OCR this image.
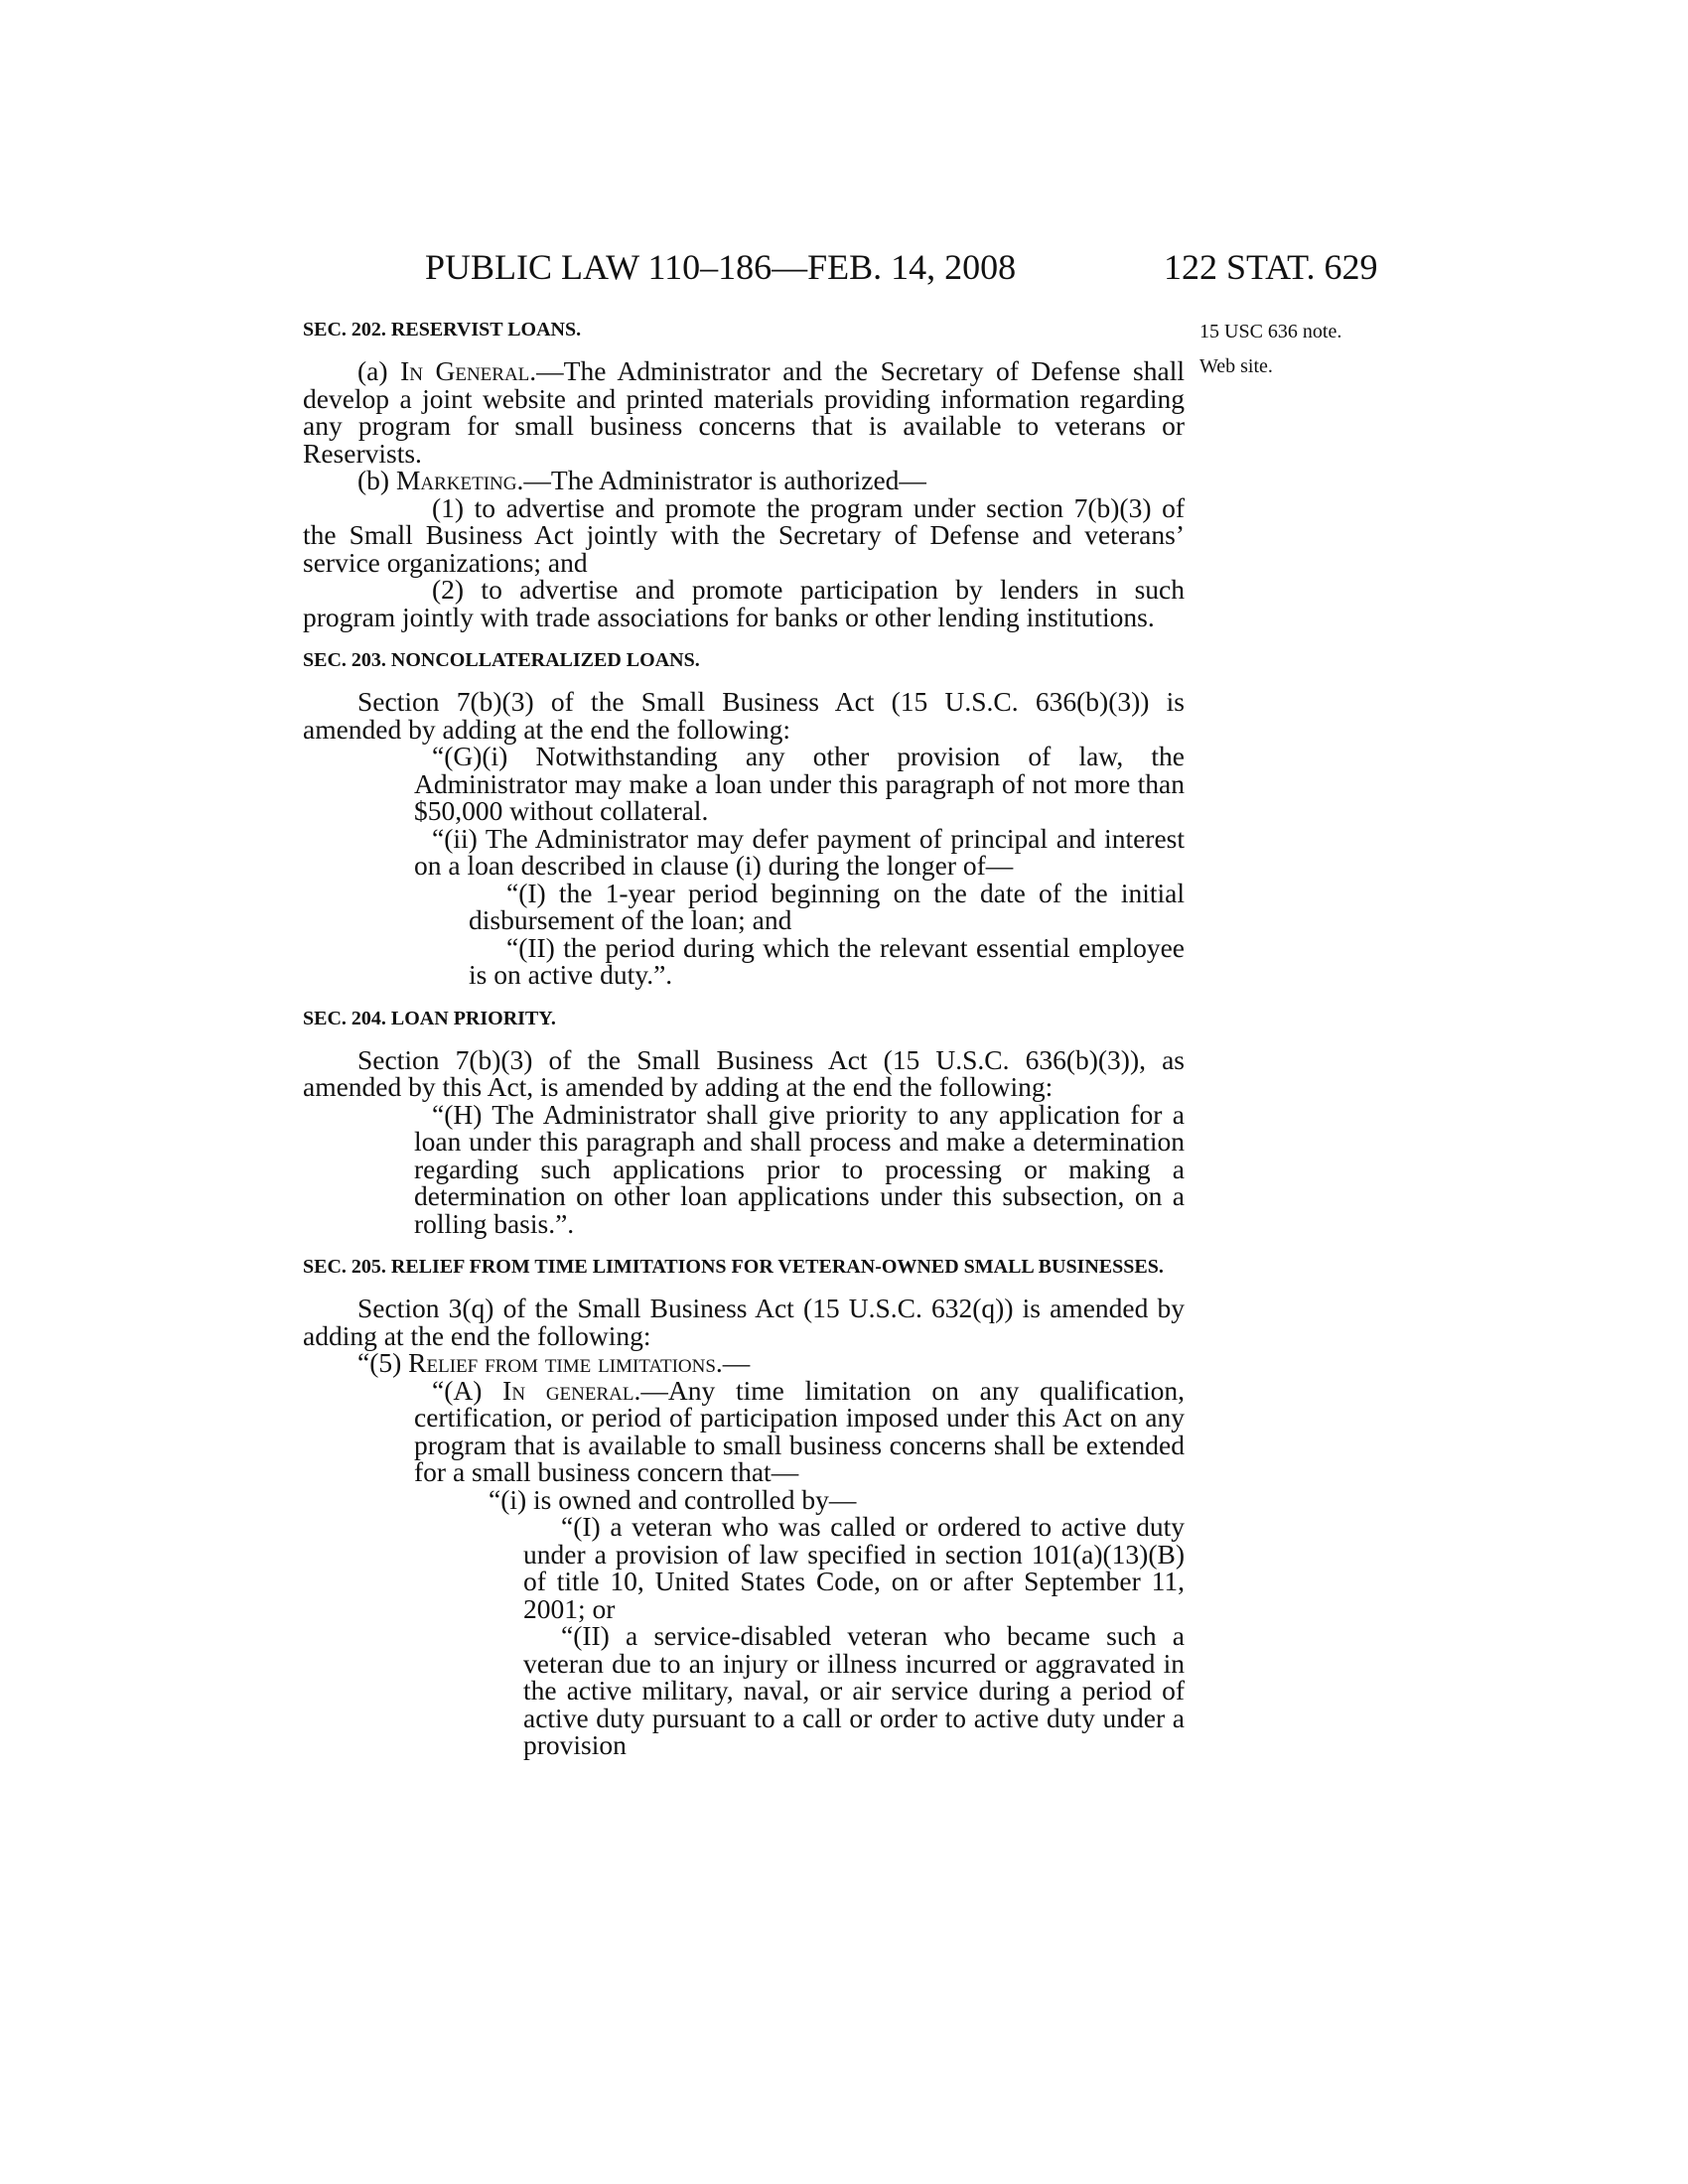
PUBLIC LAW 110–186—FEB. 14, 2008	122 STAT. 629
15 USC 636 note.
Web site.

SEC. 202. RESERVIST LOANS.

(a) In General.—The Administrator and the Secretary of Defense shall develop a joint website and printed materials providing information regarding any program for small business concerns that is available to veterans or Reservists.

(b) Marketing.—The Administrator is authorized—

(1) to advertise and promote the program under section 7(b)(3) of the Small Business Act jointly with the Secretary of Defense and veterans’ service organizations; and

(2) to advertise and promote participation by lenders in such program jointly with trade associations for banks or other lending institutions.

SEC. 203. NONCOLLATERALIZED LOANS.

Section 7(b)(3) of the Small Business Act (15 U.S.C. 636(b)(3)) is amended by adding at the end the following:

“(G)(i) Notwithstanding any other provision of law, the Administrator may make a loan under this paragraph of not more than $50,000 without collateral.

“(ii) The Administrator may defer payment of principal and interest on a loan described in clause (i) during the longer of—

“(I) the 1-year period beginning on the date of the initial disbursement of the loan; and

“(II) the period during which the relevant essential employee is on active duty.”.

SEC. 204. LOAN PRIORITY.

Section 7(b)(3) of the Small Business Act (15 U.S.C. 636(b)(3)), as amended by this Act, is amended by adding at the end the following:

“(H) The Administrator shall give priority to any application for a loan under this paragraph and shall process and make a determination regarding such applications prior to processing or making a determination on other loan applications under this subsection, on a rolling basis.”.

SEC. 205. RELIEF FROM TIME LIMITATIONS FOR VETERAN-OWNED SMALL BUSINESSES.

Section 3(q) of the Small Business Act (15 U.S.C. 632(q)) is amended by adding at the end the following:

“(5) Relief from time limitations.—

“(A) In general.—Any time limitation on any qualification, certification, or period of participation imposed under this Act on any program that is available to small business concerns shall be extended for a small business concern that—

“(i) is owned and controlled by—

“(I) a veteran who was called or ordered to active duty under a provision of law specified in section 101(a)(13)(B) of title 10, United States Code, on or after September 11, 2001; or

“(II) a service-disabled veteran who became such a veteran due to an injury or illness incurred or aggravated in the active military, naval, or air service during a period of active duty pursuant to a call or order to active duty under a provision
